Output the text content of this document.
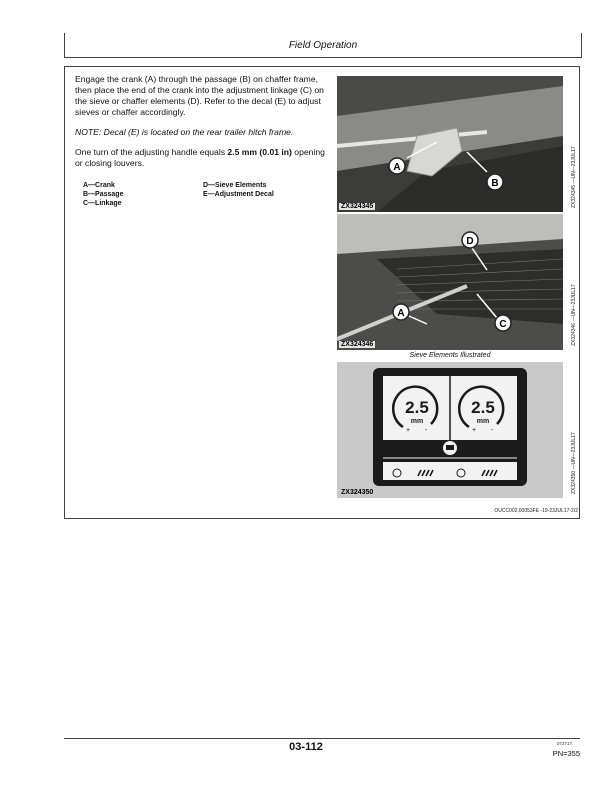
Field Operation

Engage the crank (A) through the passage (B) on chaffer frame, then place the end of the crank into the adjustment linkage (C) on the sieve or chaffer elements (D). Refer to the decal (E) to adjust sieves or chaffer accordingly.

NOTE: Decal (E) is located on the rear trailer hitch frame.

One turn of the adjusting handle equals 2.5 mm (0.01 in) opening or closing louvers.

A—Crank
B—Passage
C—Linkage
D—Sieve Elements
E—Adjustment Decal
A
B
ZX324345
D
A
C
ZX324346
Sieve Elements Illustrated
2.5 2.5
mm	mm
+ -	+ -
ZX324350
ZX324345 —UN—23JUL17
ZX324346 —UN—23JUL17
ZX324350 —UN—23JUL17
OUCC002,00053FE -19-23JUL17-2/2
03-112	072717
PN=355
